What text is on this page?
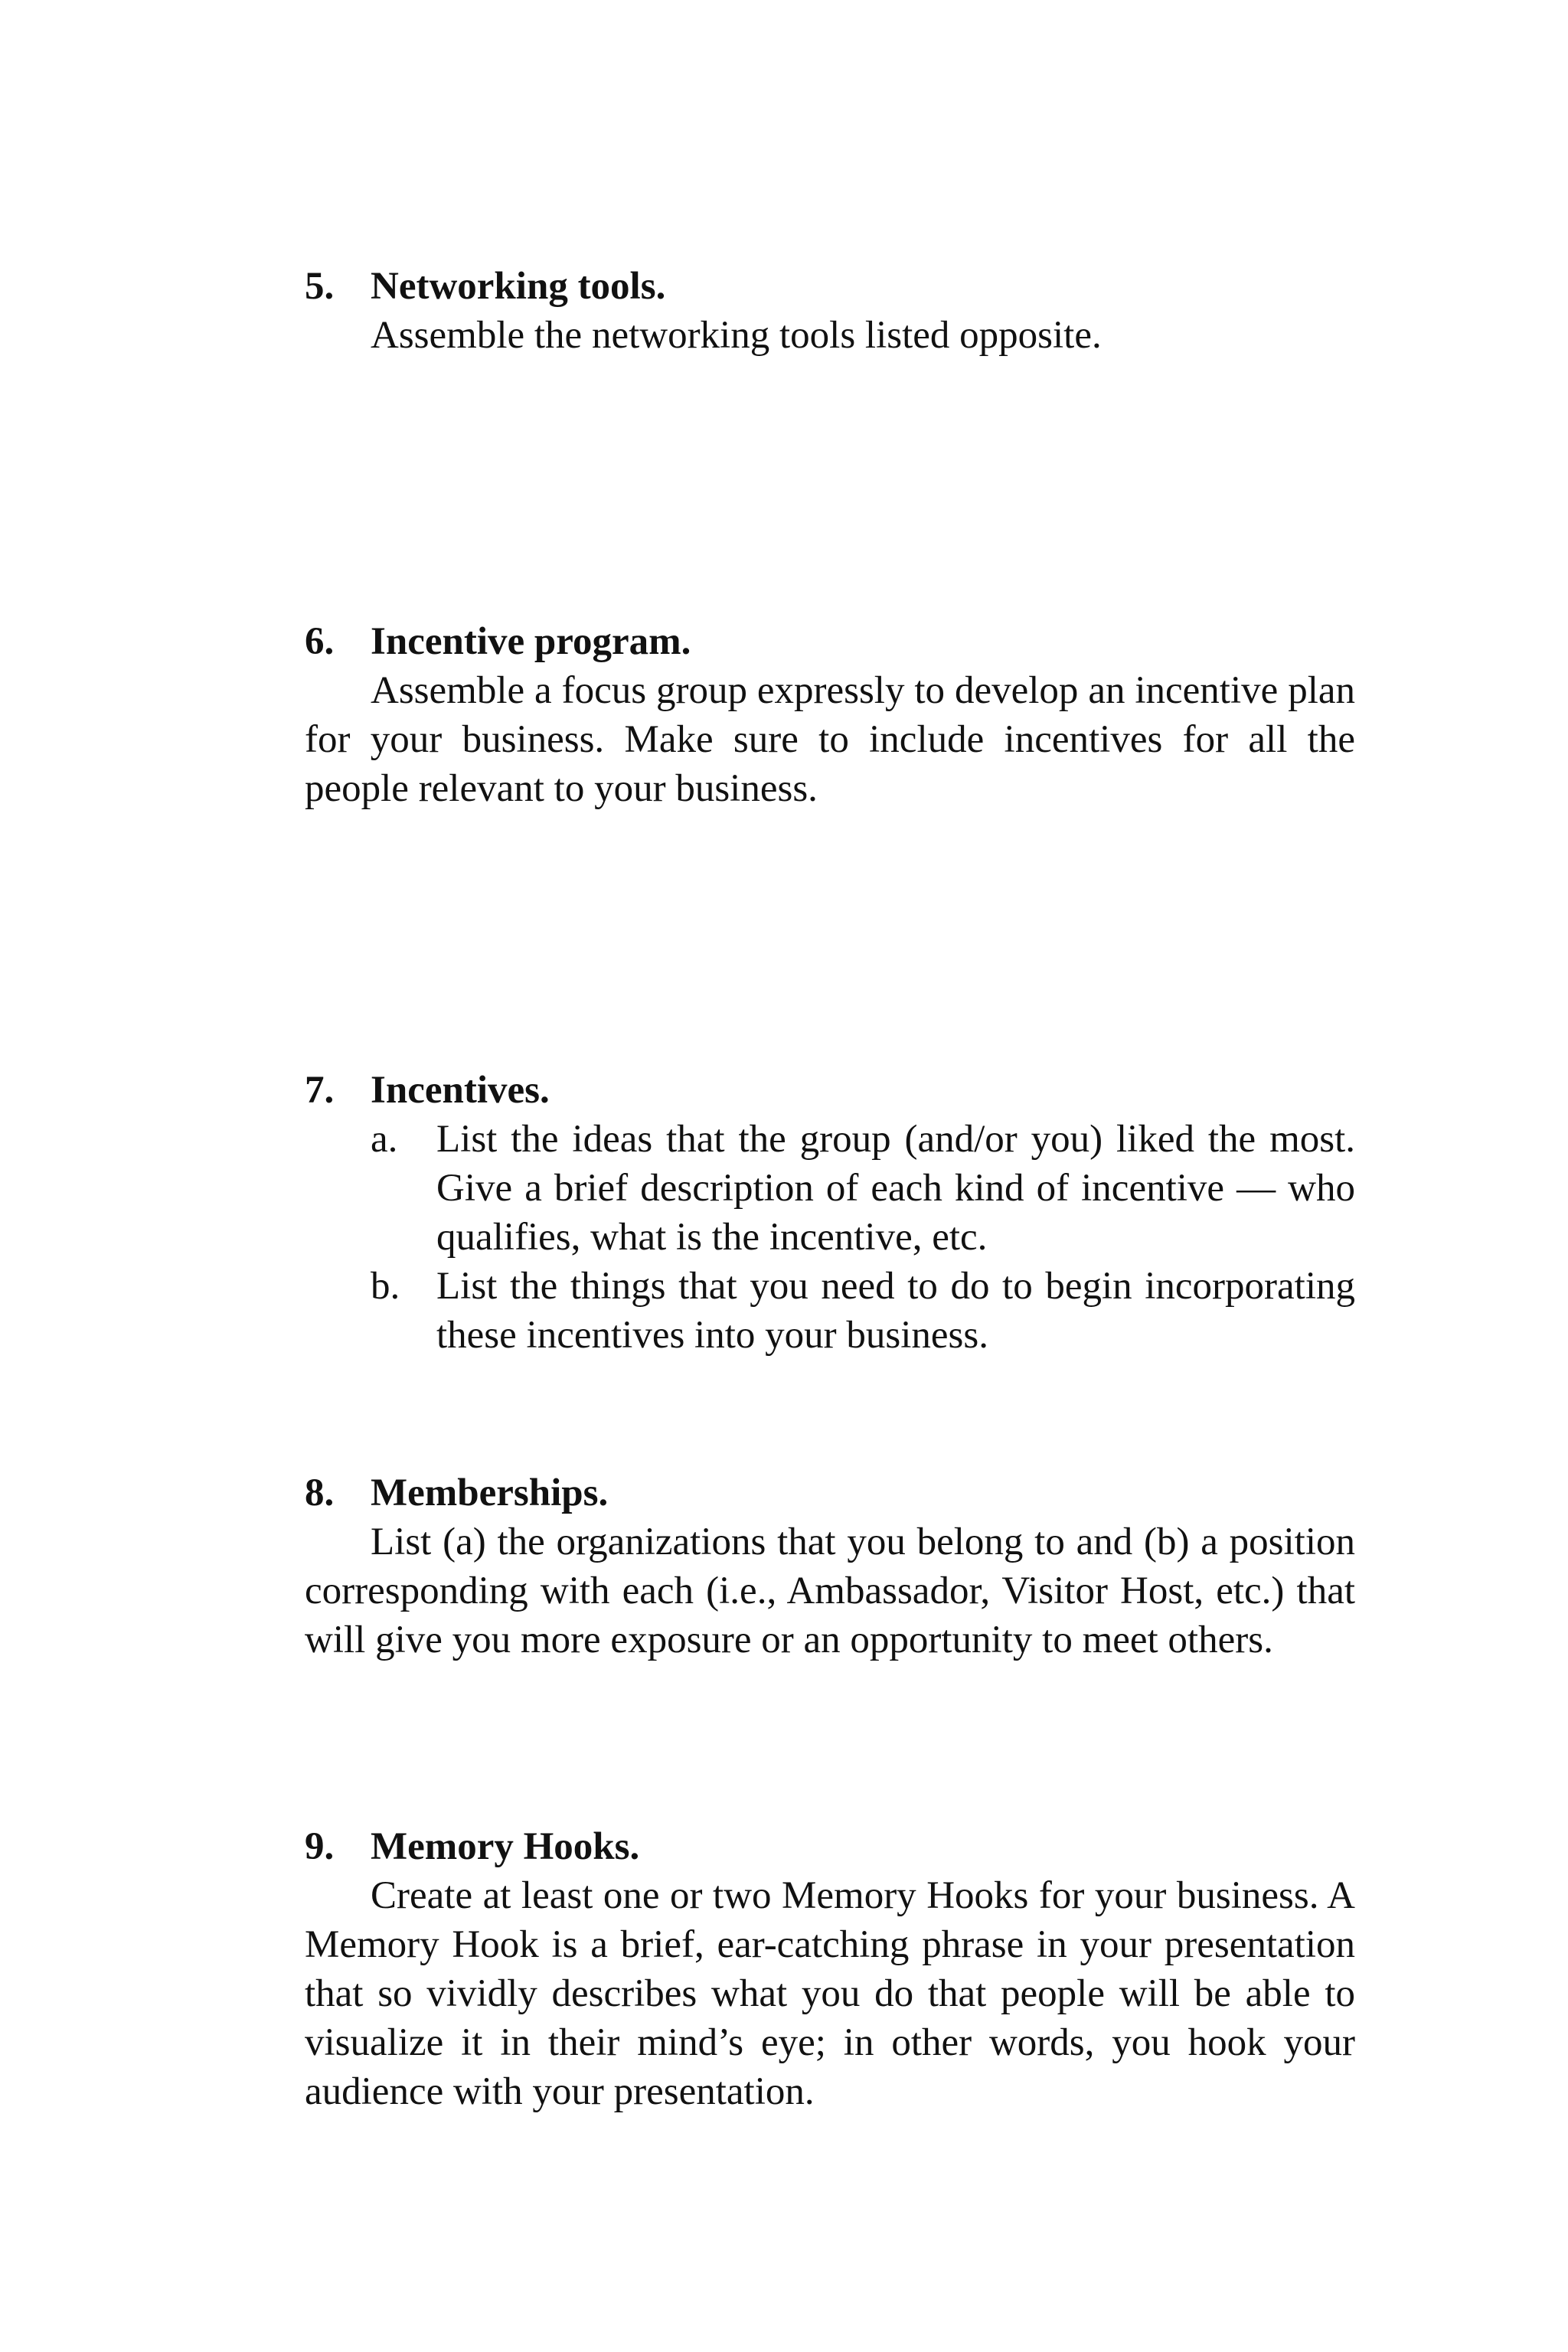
5. Networking tools.
Assemble the networking tools listed opposite.
6. Incentive program.
Assemble a focus group expressly to develop an incentive plan for your business. Make sure to include incentives for all the people relevant to your business.
7. Incentives.
a. List the ideas that the group (and/or you) liked the most. Give a brief description of each kind of incentive — who qualifies, what is the incentive, etc.
b. List the things that you need to do to begin incorporating these incentives into your business.
8. Memberships.
List (a) the organizations that you belong to and (b) a position corresponding with each (i.e., Ambassador, Visitor Host, etc.) that will give you more exposure or an opportunity to meet others.
9. Memory Hooks.
Create at least one or two Memory Hooks for your business. A Memory Hook is a brief, ear-catching phrase in your presentation that so vividly describes what you do that people will be able to visualize it in their mind’s eye; in other words, you hook your audience with your presentation.
